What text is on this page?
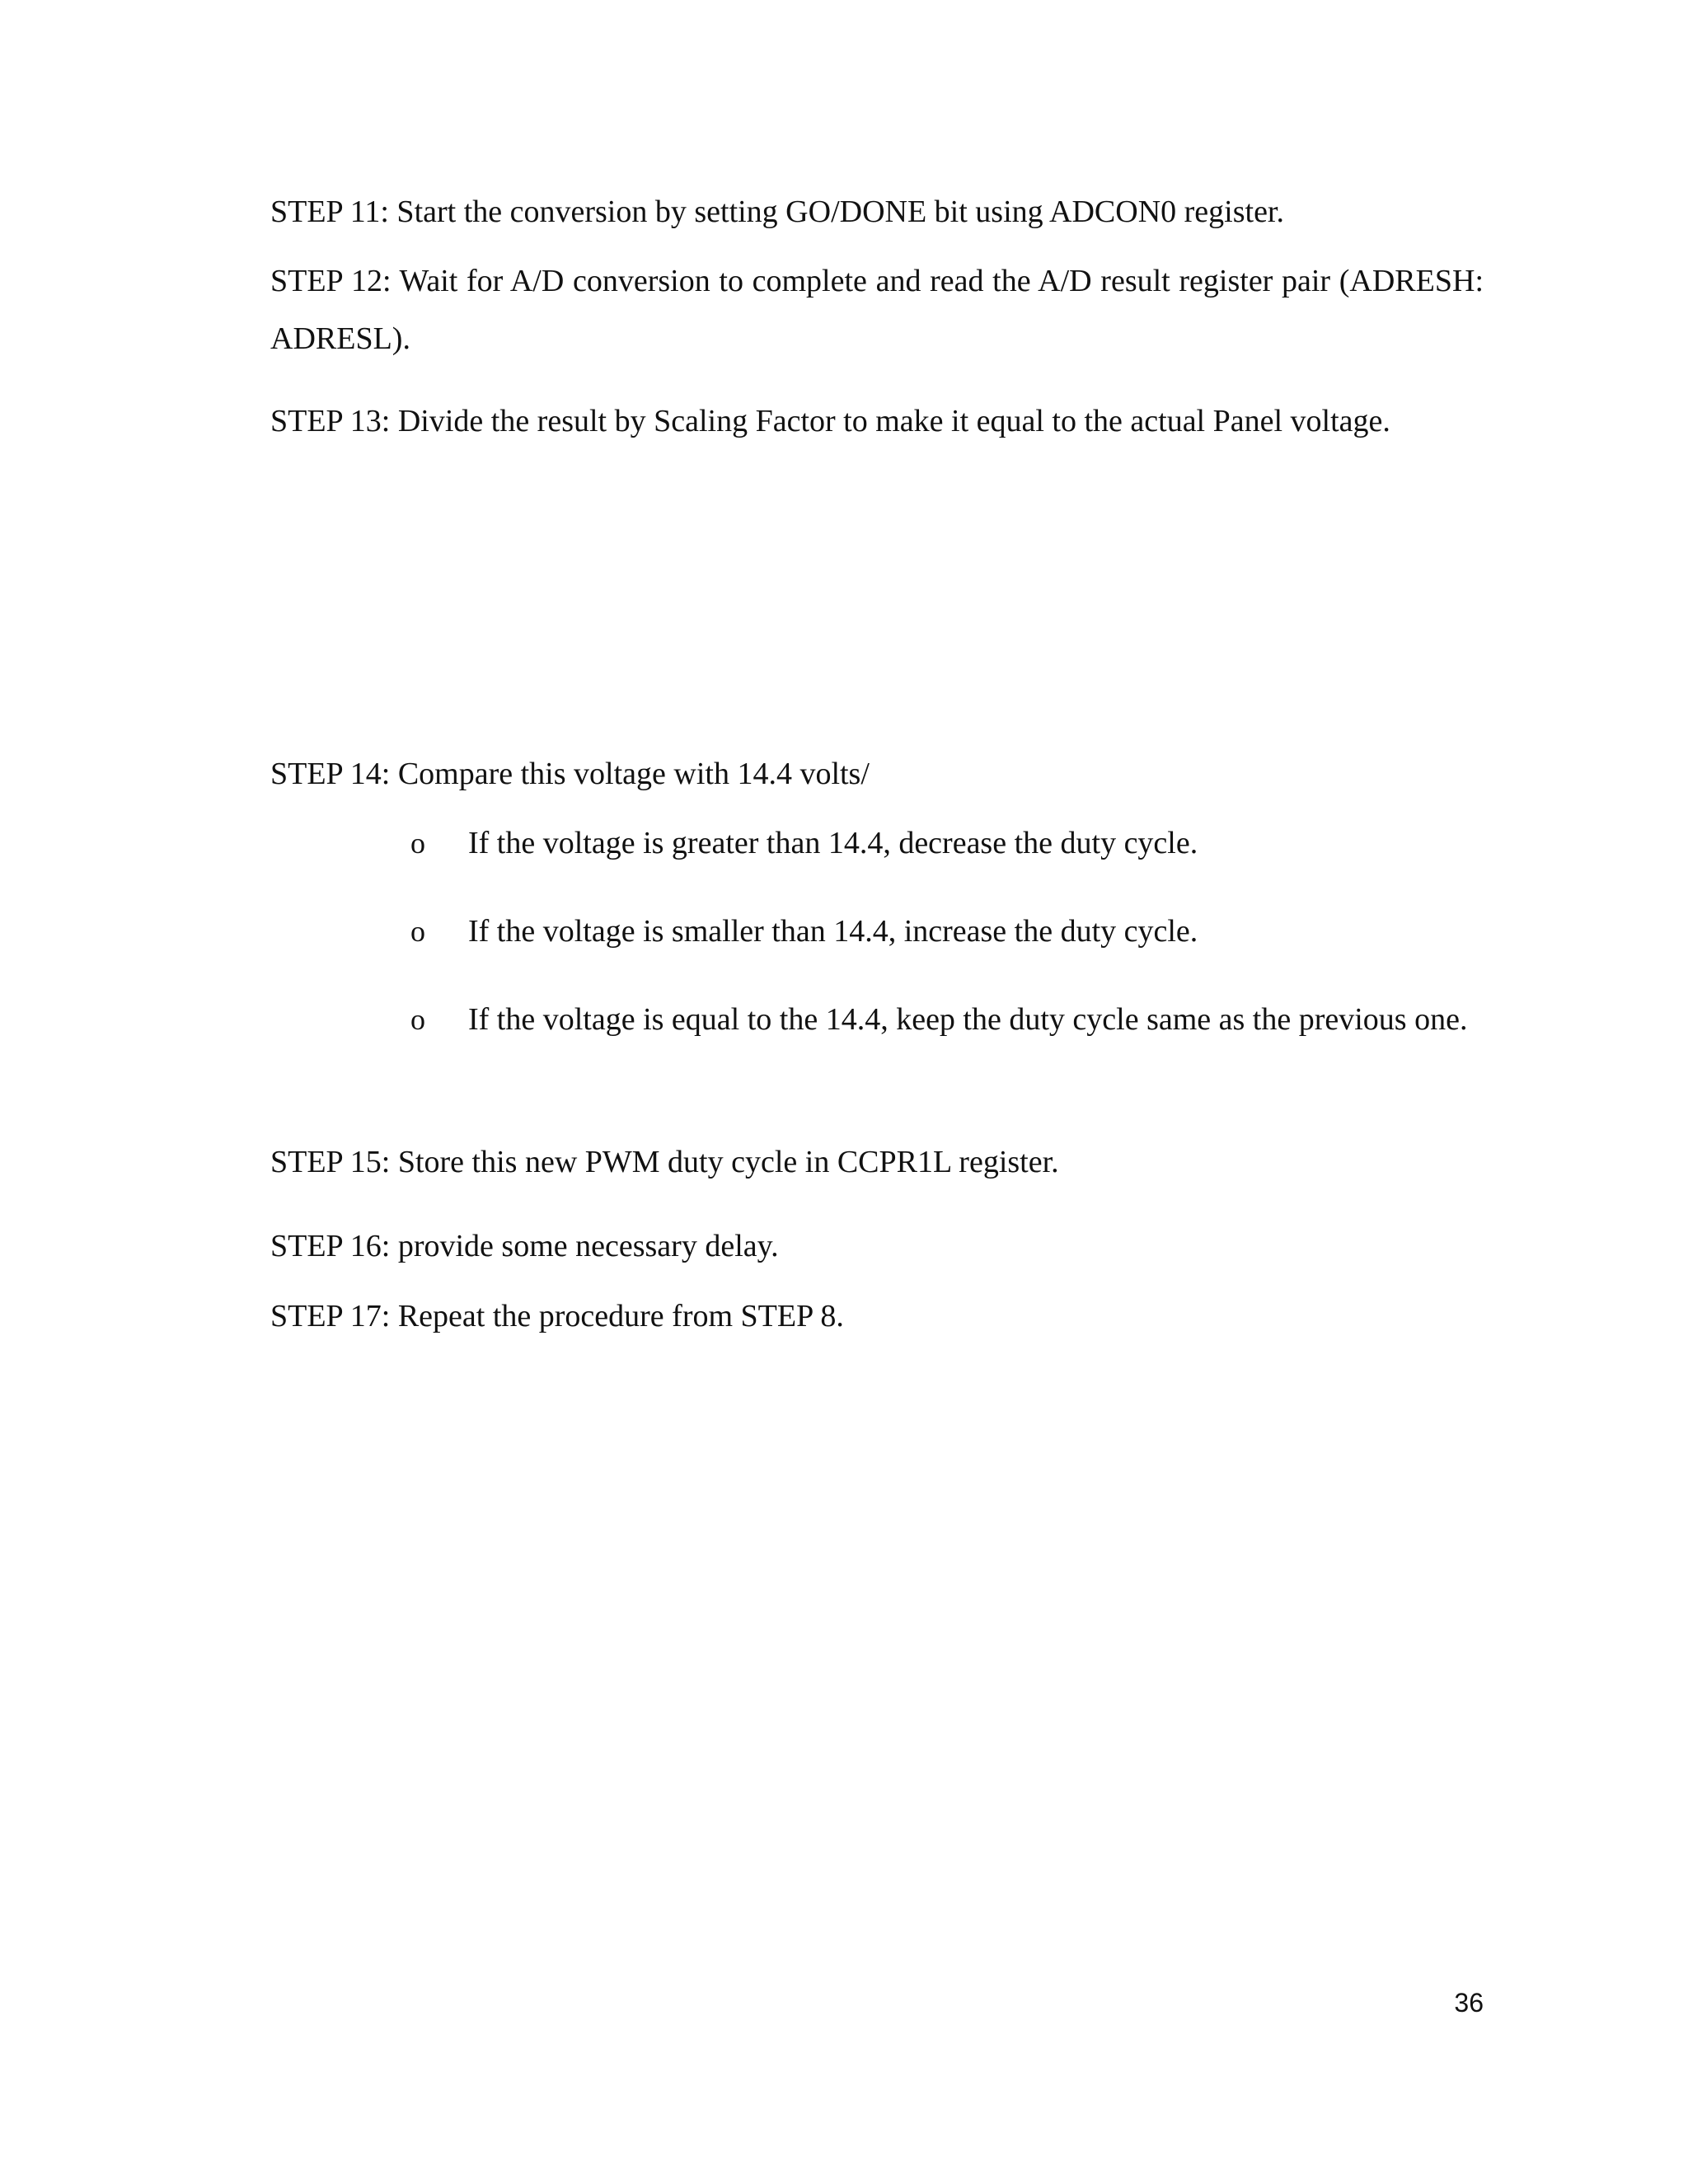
STEP 11: Start the conversion by setting GO/DONE bit using ADCON0 register.

STEP 12: Wait for A/D conversion to complete and read the A/D result register pair (ADRESH:    ADRESL).

STEP 13: Divide the result by Scaling Factor to make it equal to the actual Panel voltage.

STEP 14: Compare this voltage with 14.4 volts/

o	If the voltage is greater than 14.4, decrease the duty cycle.
o	If the voltage is smaller than 14.4, increase the duty cycle.
o	If the voltage is equal to the 14.4, keep the duty cycle same as the previous one.

STEP 15: Store this new PWM duty cycle in CCPR1L register.

STEP 16: provide some necessary delay.

STEP 17: Repeat the procedure from STEP 8.

36
